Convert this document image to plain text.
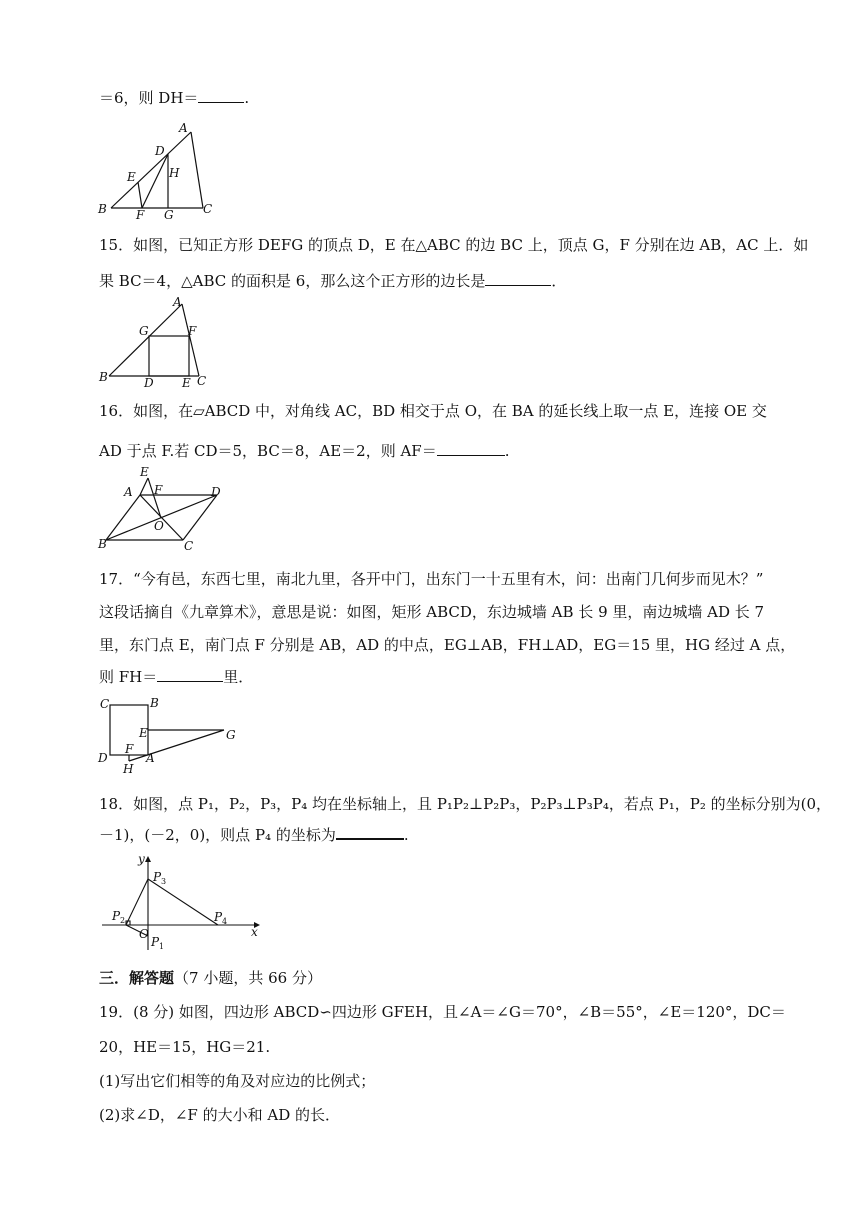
＝6，则 DH＝	.
A
D
E	H
B F G C
15．如图，已知正方形 DEFG 的顶点 D，E 在△ABC 的边 BC 上，顶点 G，F 分别在边 AB，AC 上．如
果 BC＝4，△ABC 的面积是 6，那么这个正方形的边长是	．
A
G	F
B	D E C
16．如图，在▱ABCD 中，对角线 AC，BD 相交于点 O，在 BA 的延长线上取一点 E，连接 OE 交
AD 于点 F.若 CD＝5，BC＝8，AE＝2，则 AF＝	.
E
A F	D
O
B	C
17．“今有邑，东西七里，南北九里，各开中门，出东门一十五里有木，问：出南门几何步而见木？”
这段话摘自《九章算术》，意思是说：如图，矩形 ABCD，东边城墙 AB 长 9 里，南边城墙 AD 长 7
里，东门点 E，南门点 F 分别是 AB，AD 的中点，EG⊥AB，FH⊥AD，EG＝15 里，HG 经过 A 点，
则 FH＝	里．
C	B
E	G
F
D	A
H
18．如图，点 P₁，P₂，P₃，P₄ 均在坐标轴上，且 P₁P₂⊥P₂P₃，P₂P₃⊥P₃P₄，若点 P₁，P₂ 的坐标分别为(0，
－1)，(－2，0)，则点 P₄ 的坐标为	.
y
P 3
P 2	P 4
O
P 1
x
三．解答题（7 小题，共 66 分）
19．(8 分) 如图，四边形 ABCD∽四边形 GFEH，且∠A＝∠G＝70°，∠B＝55°，∠E＝120°，DC＝
20，HE＝15，HG＝21.
(1)写出它们相等的角及对应边的比例式；
(2)求∠D，∠F 的大小和 AD 的长．
